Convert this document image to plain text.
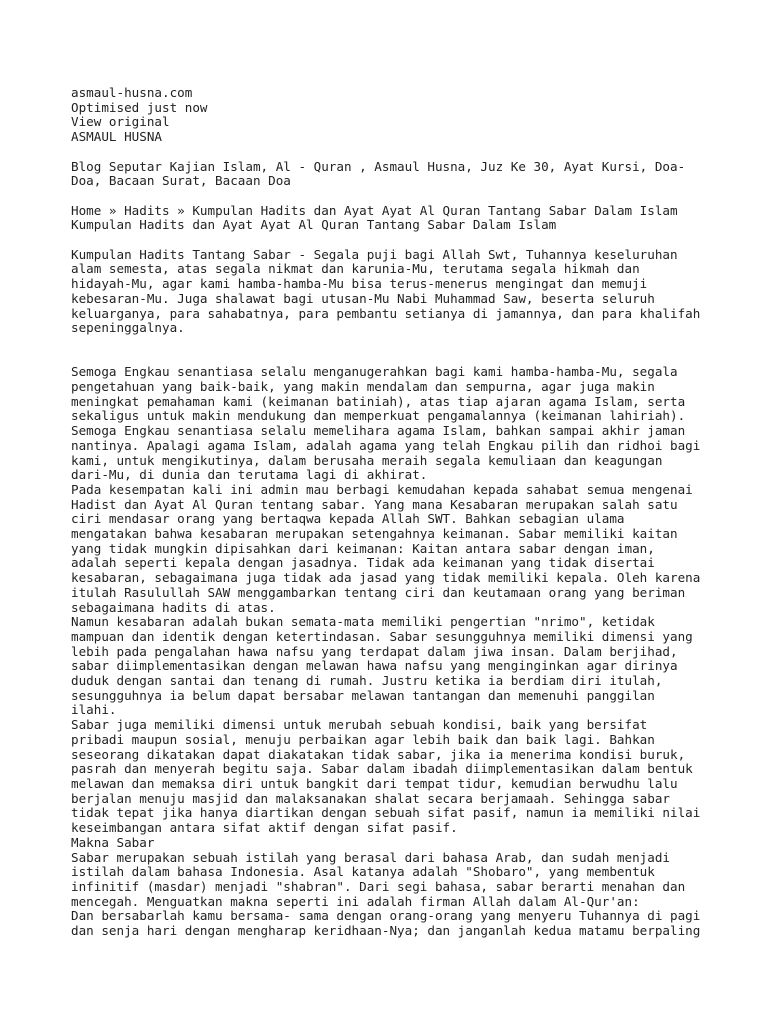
asmaul-husna.com
Optimised just now
View original
ASMAUL HUSNA
Blog Seputar Kajian Islam, Al - Quran , Asmaul Husna, Juz Ke 30, Ayat Kursi, Doa-Doa, Bacaan Surat, Bacaan Doa
Home » Hadits » Kumpulan Hadits dan Ayat Ayat Al Quran Tantang Sabar Dalam Islam
Kumpulan Hadits dan Ayat Ayat Al Quran Tantang Sabar Dalam Islam
Kumpulan Hadits Tantang Sabar - Segala puji bagi Allah Swt, Tuhannya keseluruhan alam semesta, atas segala nikmat dan karunia-Mu, terutama segala hikmah dan hidayah-Mu, agar kami hamba-hamba-Mu bisa terus-menerus mengingat dan memuji kebesaran-Mu. Juga shalawat bagi utusan-Mu Nabi Muhammad Saw, beserta seluruh keluarganya, para sahabatnya, para pembantu setianya di jamannya, dan para khalifah sepeninggalnya.
Semoga Engkau senantiasa selalu menganugerahkan bagi kami hamba-hamba-Mu, segala pengetahuan yang baik-baik, yang makin mendalam dan sempurna, agar juga makin meningkat pemahaman kami (keimanan batiniah), atas tiap ajaran agama Islam, serta sekaligus untuk makin mendukung dan memperkuat pengamalannya (keimanan lahiriah). Semoga Engkau senantiasa selalu memelihara agama Islam, bahkan sampai akhir jaman nantinya. Apalagi agama Islam, adalah agama yang telah Engkau pilih dan ridhoi bagi kami, untuk mengikutinya, dalam berusaha meraih segala kemuliaan dan keagungan dari-Mu, di dunia dan terutama lagi di akhirat.
Pada kesempatan kali ini admin mau berbagi kemudahan kepada sahabat semua mengenai Hadist dan Ayat Al Quran tentang sabar. Yang mana Kesabaran merupakan salah satu ciri mendasar orang yang bertaqwa kepada Allah SWT. Bahkan sebagian ulama mengatakan bahwa kesabaran merupakan setengahnya keimanan. Sabar memiliki kaitan yang tidak mungkin dipisahkan dari keimanan: Kaitan antara sabar dengan iman, adalah seperti kepala dengan jasadnya. Tidak ada keimanan yang tidak disertai kesabaran, sebagaimana juga tidak ada jasad yang tidak memiliki kepala. Oleh karena itulah Rasulullah SAW menggambarkan tentang ciri dan keutamaan orang yang beriman sebagaimana hadits di atas.
Namun kesabaran adalah bukan semata-mata memiliki pengertian "nrimo", ketidak mampuan dan identik dengan ketertindasan. Sabar sesungguhnya memiliki dimensi yang lebih pada pengalahan hawa nafsu yang terdapat dalam jiwa insan. Dalam berjihad, sabar diimplementasikan dengan melawan hawa nafsu yang menginginkan agar dirinya duduk dengan santai dan tenang di rumah. Justru ketika ia berdiam diri itulah, sesungguhnya ia belum dapat bersabar melawan tantangan dan memenuhi panggilan ilahi.
Sabar juga memiliki dimensi untuk merubah sebuah kondisi, baik yang bersifat pribadi maupun sosial, menuju perbaikan agar lebih baik dan baik lagi. Bahkan seseorang dikatakan dapat diakatakan tidak sabar, jika ia menerima kondisi buruk, pasrah dan menyerah begitu saja. Sabar dalam ibadah diimplementasikan dalam bentuk melawan dan memaksa diri untuk bangkit dari tempat tidur, kemudian berwudhu lalu berjalan menuju masjid dan malaksanakan shalat secara berjamaah. Sehingga sabar tidak tepat jika hanya diartikan dengan sebuah sifat pasif, namun ia memiliki nilai keseimbangan antara sifat aktif dengan sifat pasif.
Makna Sabar
Sabar merupakan sebuah istilah yang berasal dari bahasa Arab, dan sudah menjadi istilah dalam bahasa Indonesia. Asal katanya adalah "Shobaro", yang membentuk infinitif (masdar) menjadi "shabran". Dari segi bahasa, sabar berarti menahan dan mencegah. Menguatkan makna seperti ini adalah firman Allah dalam Al-Qur'an:
Dan bersabarlah kamu bersama- sama dengan orang-orang yang menyeru Tuhannya di pagi dan senja hari dengan mengharap keridhaan-Nya; dan janganlah kedua matamu berpaling
